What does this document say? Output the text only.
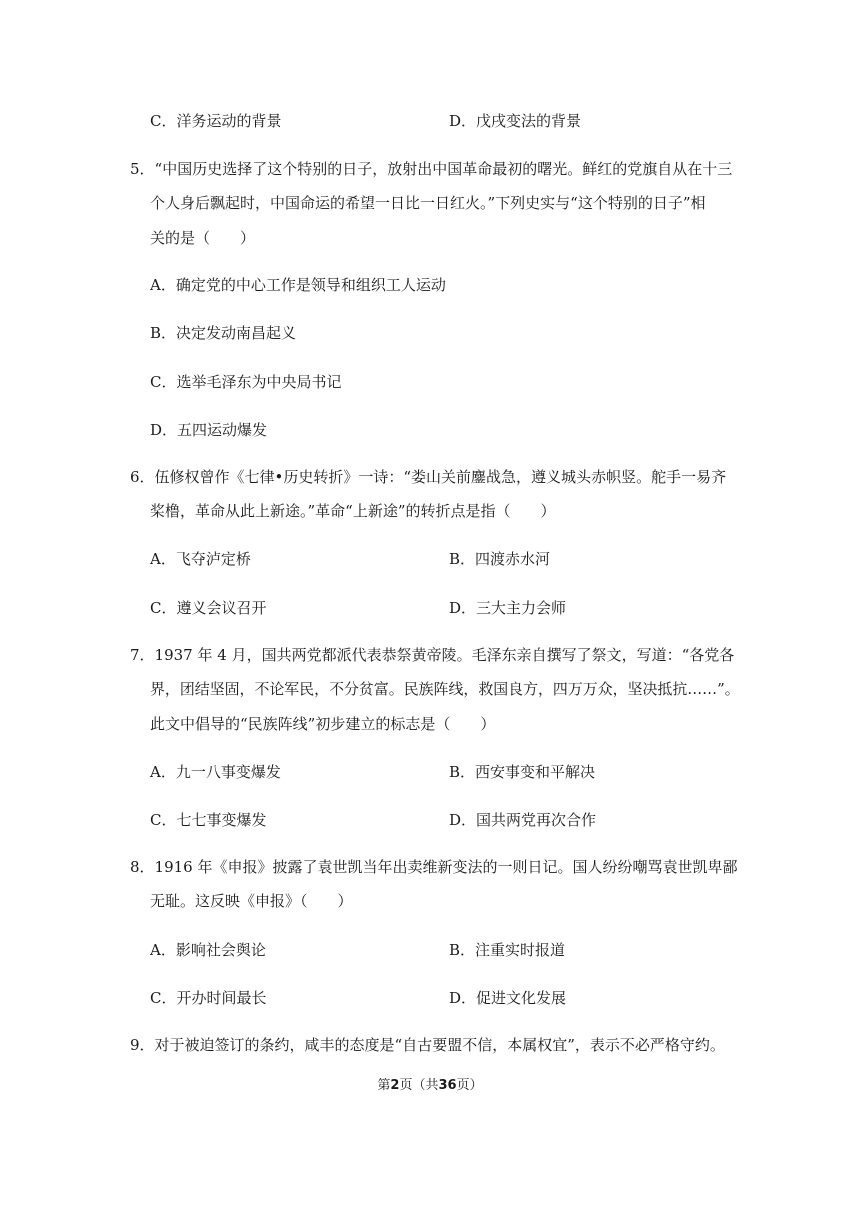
C．洋务运动的背景	D．戊戌变法的背景
5．“中国历史选择了这个特别的日子，放射出中国革命最初的曙光。鲜红的党旗自从在十三
个人身后飘起时，中国命运的希望一日比一日红火。”下列史实与“这个特别的日子”相
关的是（　　）
A．确定党的中心工作是领导和组织工人运动
B．决定发动南昌起义
C．选举毛泽东为中央局书记
D．五四运动爆发
6．伍修权曾作《七律•历史转折》一诗：“娄山关前鏖战急，遵义城头赤帜竖。舵手一易齐
桨橹，革命从此上新途。”革命“上新途”的转折点是指（　　）
A．飞夺泸定桥	B．四渡赤水河
C．遵义会议召开	D．三大主力会师
7．1937 年 4 月，国共两党都派代表恭祭黄帝陵。毛泽东亲自撰写了祭文，写道：“各党各
界，团结坚固，不论军民，不分贫富。民族阵线，救国良方，四万万众，坚决抵抗……”。
此文中倡导的“民族阵线”初步建立的标志是（　　）
A．九一八事变爆发	B．西安事变和平解决
C．七七事变爆发	D．国共两党再次合作
8．1916 年《申报》披露了袁世凯当年出卖维新变法的一则日记。国人纷纷嘲骂袁世凯卑鄙
无耻。这反映《申报》（　　）
A．影响社会舆论	B．注重实时报道
C．开办时间最长	D．促进文化发展
9．对于被迫签订的条约，咸丰的态度是“自古要盟不信，本属权宜”，表示不必严格守约。
第2页（共36页）
